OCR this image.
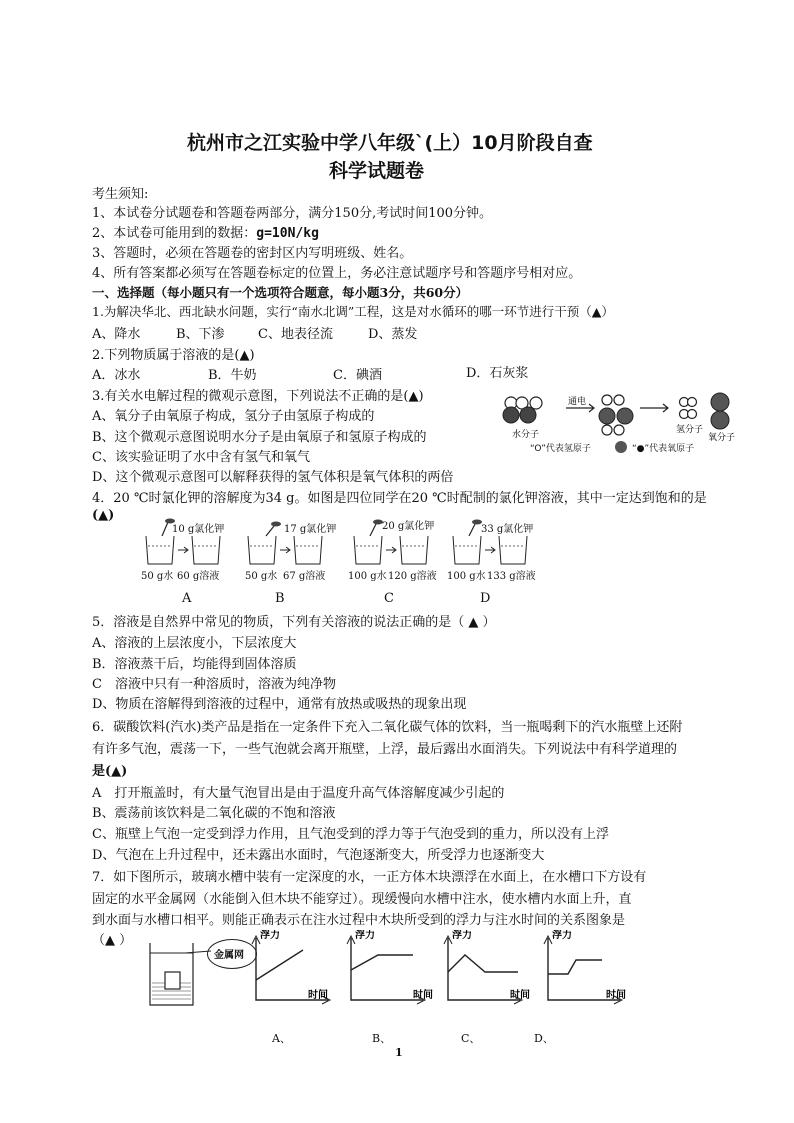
杭州市之江实验中学八年级`(上）10月阶段自查
科学试题卷
考生须知:
1、本试卷分试题卷和答题卷两部分，满分150分,考试时间100分钟。
2、本试卷可能用到的数据：g=10N/kg
3、答题时，必须在答题卷的密封区内写明班级、姓名。
4、所有答案都必须写在答题卷标定的位置上，务必注意试题序号和答题序号相对应。
一、选择题（每小题只有一个选项符合题意，每小题3分，共60分）
1.为解决华北、西北缺水问题，实行“南水北调”工程，这是对水循环的哪一环节进行干预（▲）
A、降水	B、下渗	C、地表径流	D、蒸发
2.下列物质属于溶液的是(▲)
A．冰水	B．牛奶	C．碘酒	D．石灰浆
3.有关水电解过程的微观示意图，下列说法不正确的是(▲)
A、氧分子由氧原子构成，氢分子由氢原子构成的
B、这个微观示意图说明水分子是由氧原子和氢原子构成的
C、该实验证明了水中含有氢气和氧气
D、这个微观示意图可以解释获得的氢气体积是氧气体积的两倍
水分子
通电
氢分子
氧分子
“O”代表氢原子	“●”代表氧原子
4．20 ℃时氯化钾的溶解度为34 g。如图是四位同学在20 ℃时配制的氯化钾溶液，其中一定达到饱和的是
(▲)
10 g氯化钾
50 g水 60 g溶液
17 g氯化钾
50 g水 67 g溶液
20 g氯化钾
100 g水 120 g溶液
33 g氯化钾
100 g水 133 g溶液
A	B	C	D
5．溶液是自然界中常见的物质，下列有关溶液的说法正确的是（ ▲ ）
A、溶液的上层浓度小，下层浓度大
B．溶液蒸干后，均能得到固体溶质
C　溶液中只有一种溶质时，溶液为纯净物
D、物质在溶解得到溶液的过程中，通常有放热或吸热的现象出现
6．碳酸饮料(汽水)类产品是指在一定条件下充入二氧化碳气体的饮料，当一瓶喝剩下的汽水瓶壁上还附
有许多气泡，震荡一下，一些气泡就会离开瓶壁，上浮，最后露出水面消失。下列说法中有科学道理的
是(▲)
A　打开瓶盖时，有大量气泡冒出是由于温度升高气体溶解度减少引起的
B、震荡前该饮料是二氧化碳的不饱和溶液
C、瓶壁上气泡一定受到浮力作用，且气泡受到的浮力等于气泡受到的重力，所以没有上浮
D、气泡在上升过程中，还未露出水面时，气泡逐渐变大，所受浮力也逐渐变大
7．如下图所示，玻璃水槽中装有一定深度的水，一正方体木块漂浮在水面上，在水槽口下方设有
固定的水平金属网（水能倒入但木块不能穿过）。现缓慢向水槽中注水，使水槽内水面上升，直
到水面与水槽口相平。则能正确表示在注水过程中木块所受到的浮力与注水时间的关系图象是
（▲ ）
金属网
浮力
时间
浮力
时间
浮力
时间
浮力
时间
A、	B、	C、	D、
1
